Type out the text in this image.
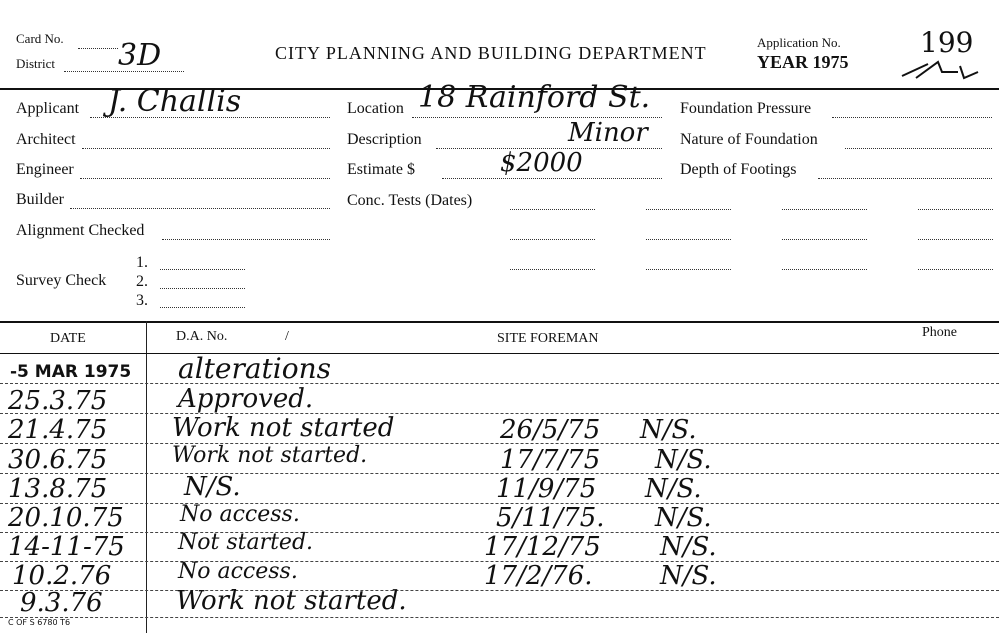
Card No. 3D
District
CITY PLANNING AND BUILDING DEPARTMENT
Application No.
YEAR 1975
199
Applicant J. Challis
Architect
Engineer
Builder
Alignment Checked
Survey Check
1.
2.
3.
Location 18 Rainford St.
Description	Minor
Estimate $	$2000
Conc. Tests (Dates)
Foundation Pressure
Nature of Foundation
Depth of Footings
DATE	D.A. No.	/	SITE FOREMAN	Phone
-5 MAR 1975 alterations
25.3.75	Approved.
21.4.75 Work not started	26/5/75 N/S.
30.6.75	Work not started.	17/7/75 N/S.
13.8.75	N/S.	11/9/75 N/S.
20.10.75	No access.	5/11/75. N/S.
14-11-75 Not started.	17/12/75 N/S.
10.2.76	No access.	17/2/76.	N/S.
9.3.76	Work not started.
C OF S 6780 T6
